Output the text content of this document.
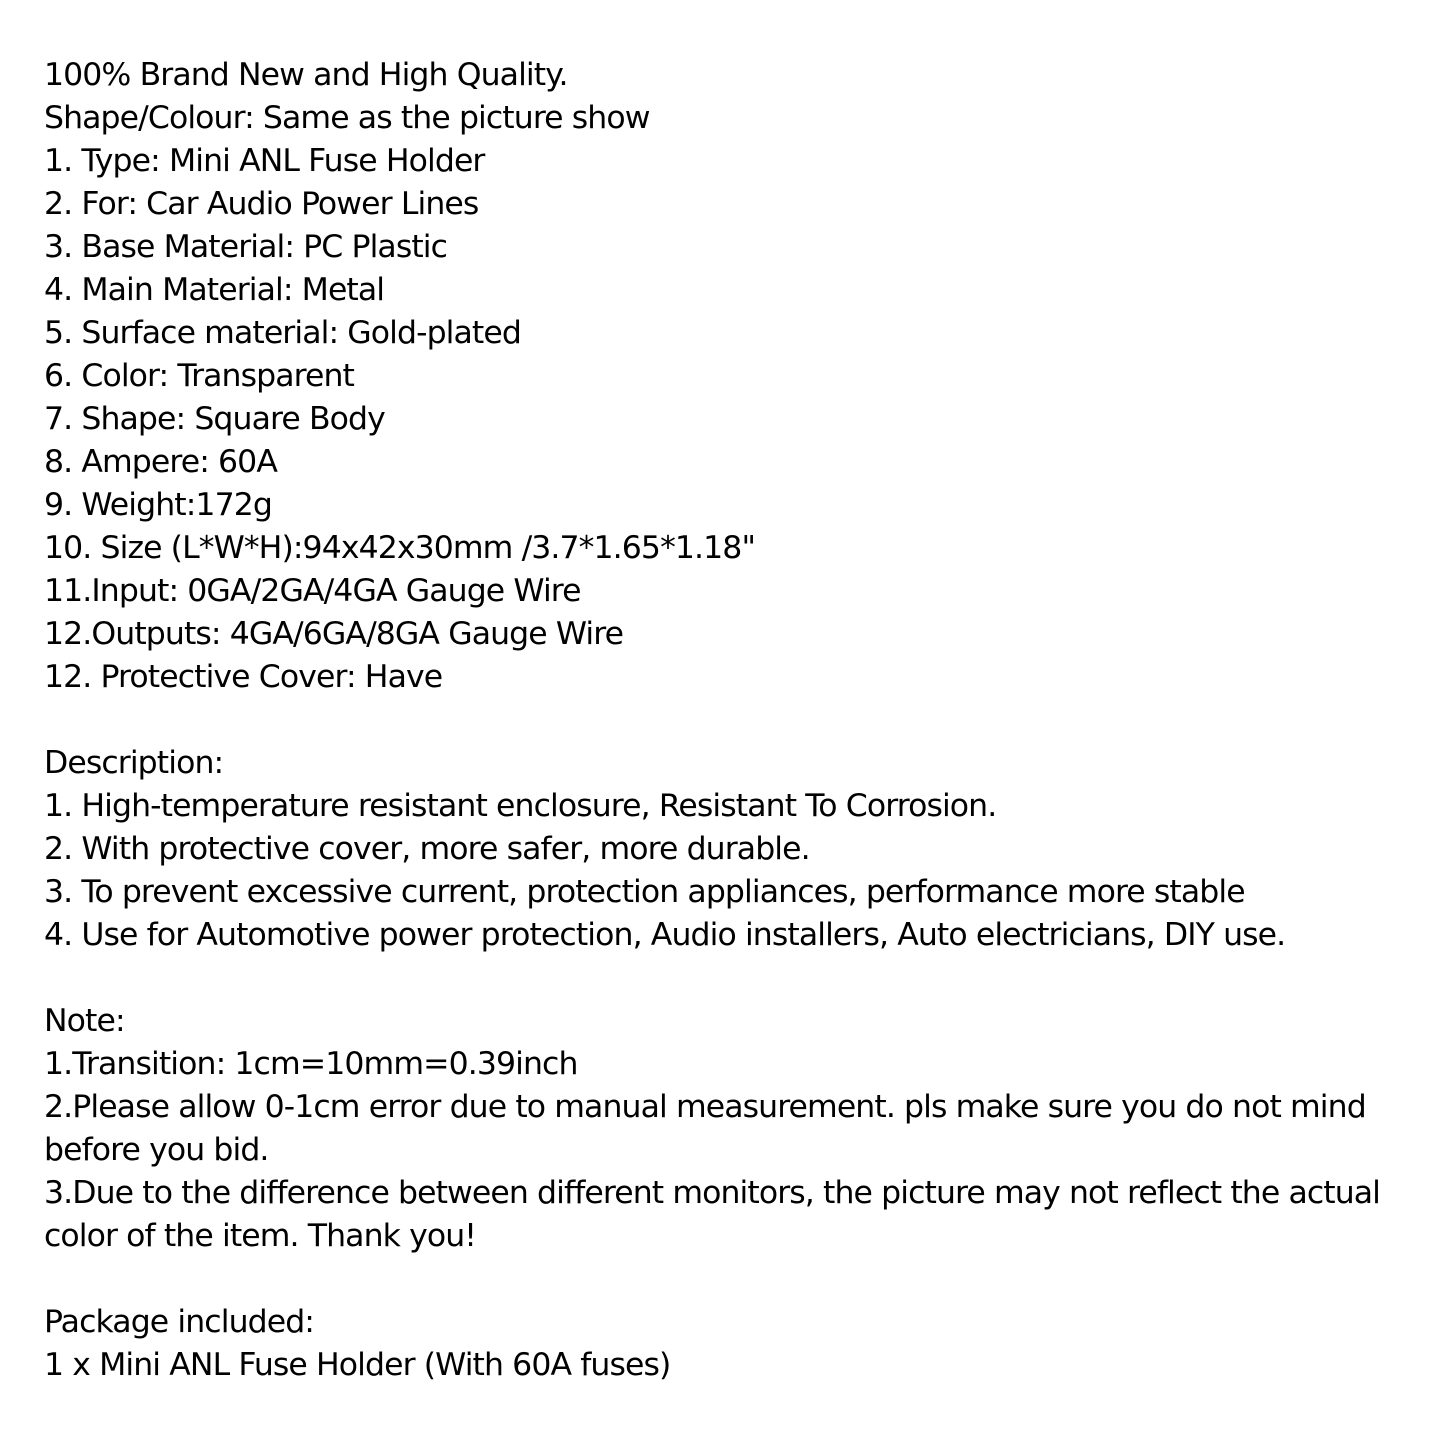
100% Brand New and High Quality.
Shape/Colour: Same as the picture show
1. Type: Mini ANL Fuse Holder
2. For: Car Audio Power Lines
3. Base Material: PC Plastic
4. Main Material: Metal
5. Surface material: Gold-plated
6. Color: Transparent
7. Shape: Square Body
8. Ampere: 60A
9. Weight:172g
10. Size (L*W*H):94x42x30mm /3.7*1.65*1.18"
11.Input: 0GA/2GA/4GA Gauge Wire
12.Outputs: 4GA/6GA/8GA Gauge Wire
12. Protective Cover: Have
Description:
1. High-temperature resistant enclosure, Resistant To Corrosion.
2. With protective cover, more safer, more durable.
3. To prevent excessive current, protection appliances, performance more stable
4. Use for Automotive power protection, Audio installers, Auto electricians, DIY use.
Note:
1.Transition: 1cm=10mm=0.39inch
2.Please allow 0-1cm error due to manual measurement. pls make sure you do not mind before you bid.
3.Due to the difference between different monitors, the picture may not reflect the actual color of the item. Thank you!
Package included:
1 x Mini ANL Fuse Holder (With 60A fuses)
